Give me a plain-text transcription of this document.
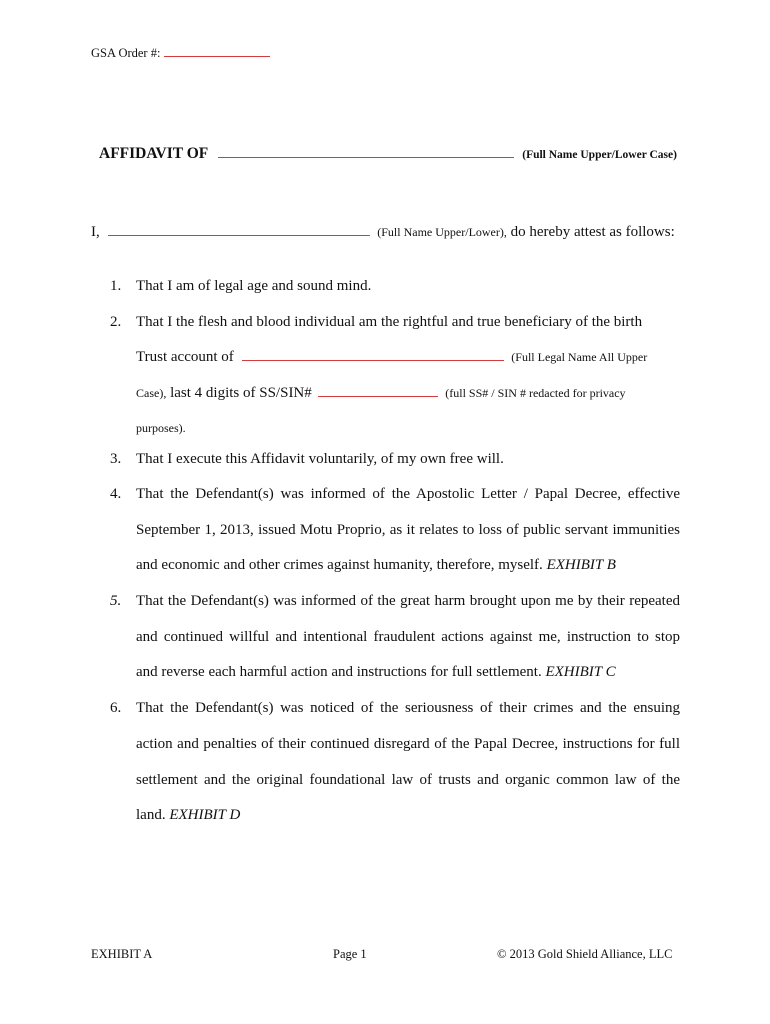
GSA Order #:
AFFIDAVIT OF	(Full Name Upper/Lower Case)
I,	(Full Name Upper/Lower), do hereby attest as follows:
1. That I am of legal age and sound mind.
2. That I the flesh and blood individual am the rightful and true beneficiary of the birth
Trust account of	(Full Legal Name All Upper
Case), last 4 digits of SS/SIN#	(full SS# / SIN # redacted for privacy
purposes).
3. That I execute this Affidavit voluntarily, of my own free will.
4. That the Defendant(s) was informed of the Apostolic Letter / Papal Decree, effective
September 1, 2013, issued Motu Proprio, as it relates to loss of public servant immunities
and economic and other crimes against humanity, therefore, myself. EXHIBIT B
5. That the Defendant(s) was informed of the great harm brought upon me by their repeated
and continued willful and intentional fraudulent actions against me, instruction to stop
and reverse each harmful action and instructions for full settlement. EXHIBIT C
6. That the Defendant(s) was noticed of the seriousness of their crimes and the ensuing
action and penalties of their continued disregard of the Papal Decree, instructions for full
settlement and the original foundational law of trusts and organic common law of the
land. EXHIBIT D
EXHIBIT A	Page 1	© 2013 Gold Shield Alliance, LLC
